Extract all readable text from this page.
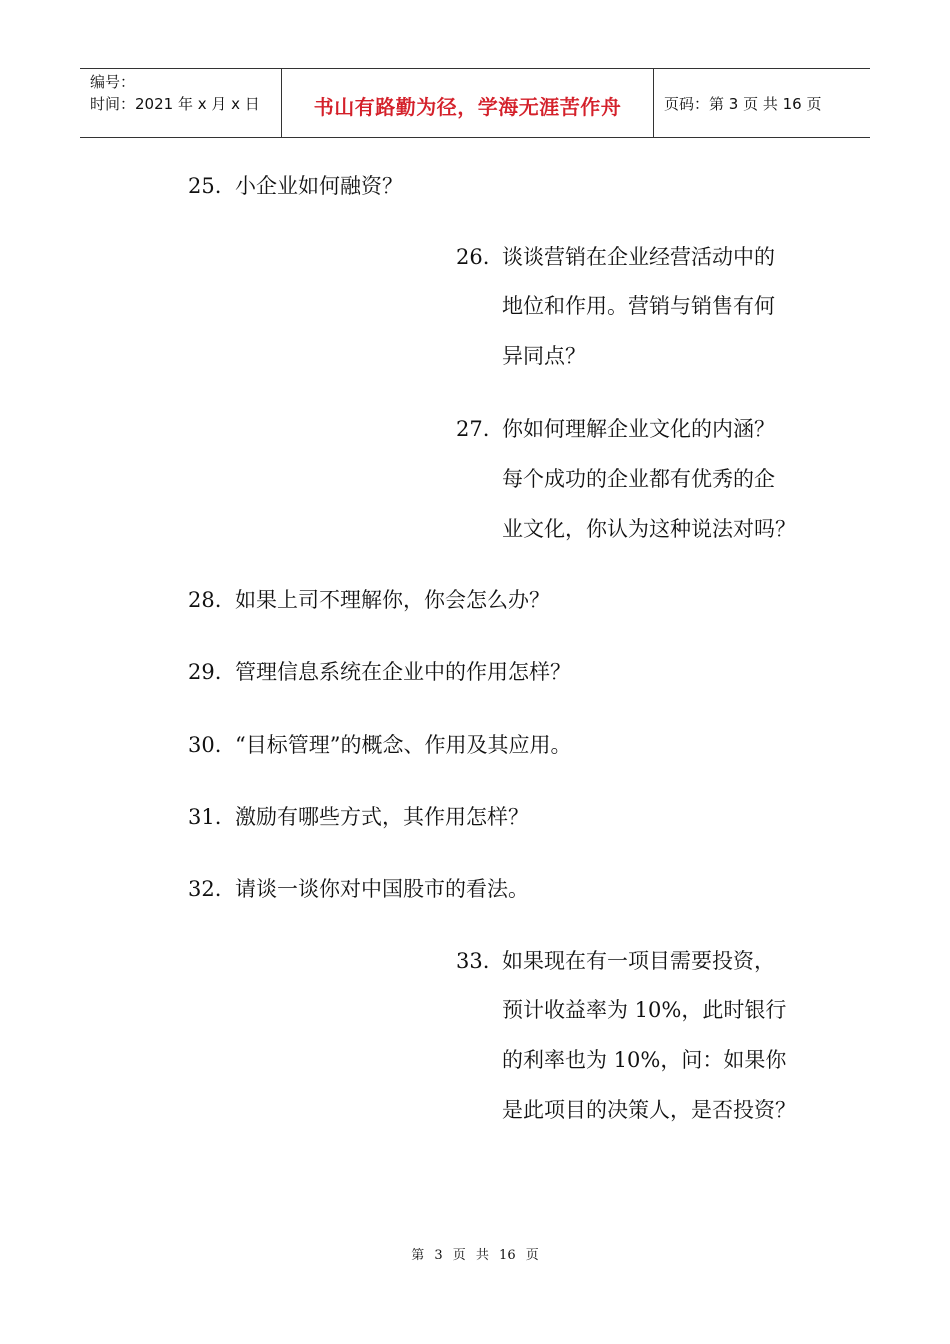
编号：
时间：2021 年 x 月 x 日	书山有路勤为径，学海无涯苦作舟	页码：第 3 页 共 16 页
25. 小企业如何融资？
26. 谈谈营销在企业经营活动中的
地位和作用。营销与销售有何
异同点？
27. 你如何理解企业文化的内涵？
每个成功的企业都有优秀的企
业文化，你认为这种说法对吗？
28. 如果上司不理解你，你会怎么办？
29. 管理信息系统在企业中的作用怎样？
30. “目标管理”的概念、作用及其应用。
31. 激励有哪些方式，其作用怎样？
32. 请谈一谈你对中国股市的看法。
33. 如果现在有一项目需要投资，
预计收益率为 10%，此时银行
的利率也为 10%，问：如果你
是此项目的决策人，是否投资？
第 3 页 共 16 页
